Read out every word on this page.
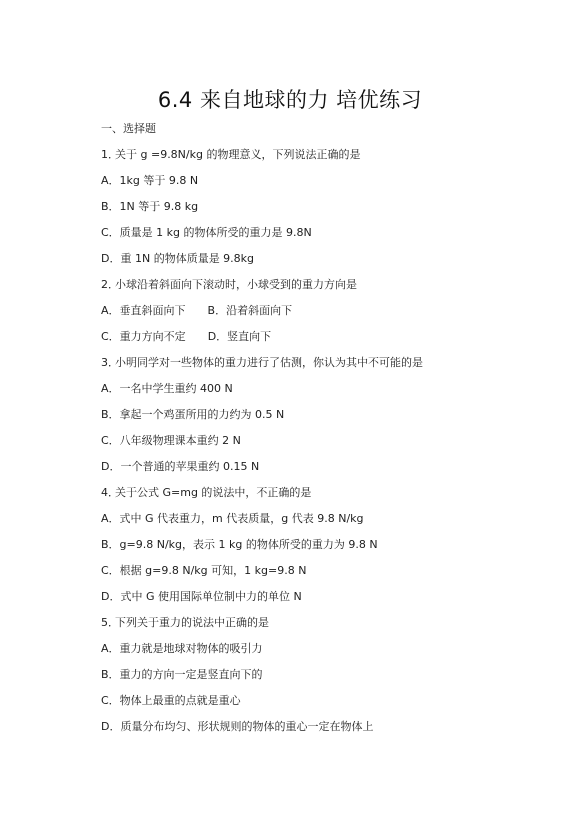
6.4 来自地球的力 培优练习
一、选择题
1．关于 g =9.8N/kg 的物理意义，下列说法正确的是
A．1kg 等于 9.8 N
B．1N 等于 9.8 kg
C．质量是 1 kg 的物体所受的重力是 9.8N
D．重 1N 的物体质量是 9.8kg
2．小球沿着斜面向下滚动时，小球受到的重力方向是
A．垂直斜面向下 B．沿着斜面向下
C．重力方向不定 D．竖直向下
3．小明同学对一些物体的重力进行了估测，你认为其中不可能的是
A．一名中学生重约 400 N
B．拿起一个鸡蛋所用的力约为 0.5 N
C．八年级物理课本重约 2 N
D．一个普通的苹果重约 0.15 N
4．关于公式 G=mg 的说法中，不正确的是
A．式中 G 代表重力，m 代表质量，g 代表 9.8 N/kg
B．g=9.8 N/kg，表示 1 kg 的物体所受的重力为 9.8 N
C．根据 g=9.8 N/kg 可知，1 kg=9.8 N
D．式中 G 使用国际单位制中力的单位 N
5．下列关于重力的说法中正确的是
A．重力就是地球对物体的吸引力
B．重力的方向一定是竖直向下的
C．物体上最重的点就是重心
D．质量分布均匀、形状规则的物体的重心一定在物体上
